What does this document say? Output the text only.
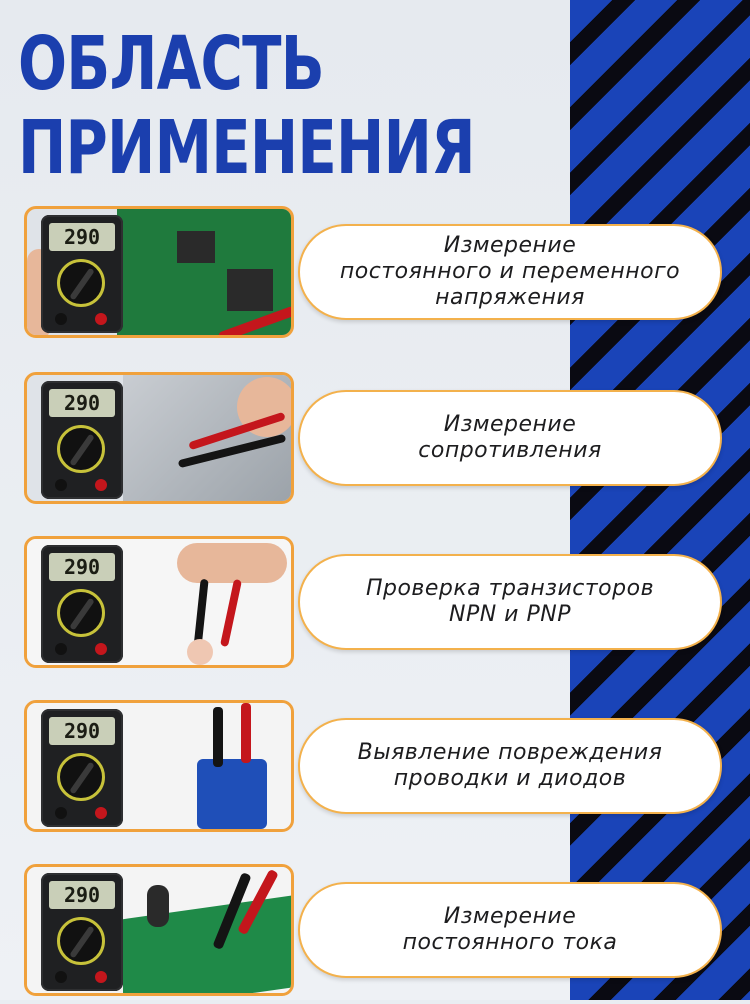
ОБЛАСТЬ
ПРИМЕНЕНИЯ
290	Измерение
постоянного и переменного
напряжения
290
Измерение
сопротивления
290
Проверка транзисторов
NPN и PNP
290
Выявление повреждения
проводки и диодов
290
Измерение
постоянного тока
